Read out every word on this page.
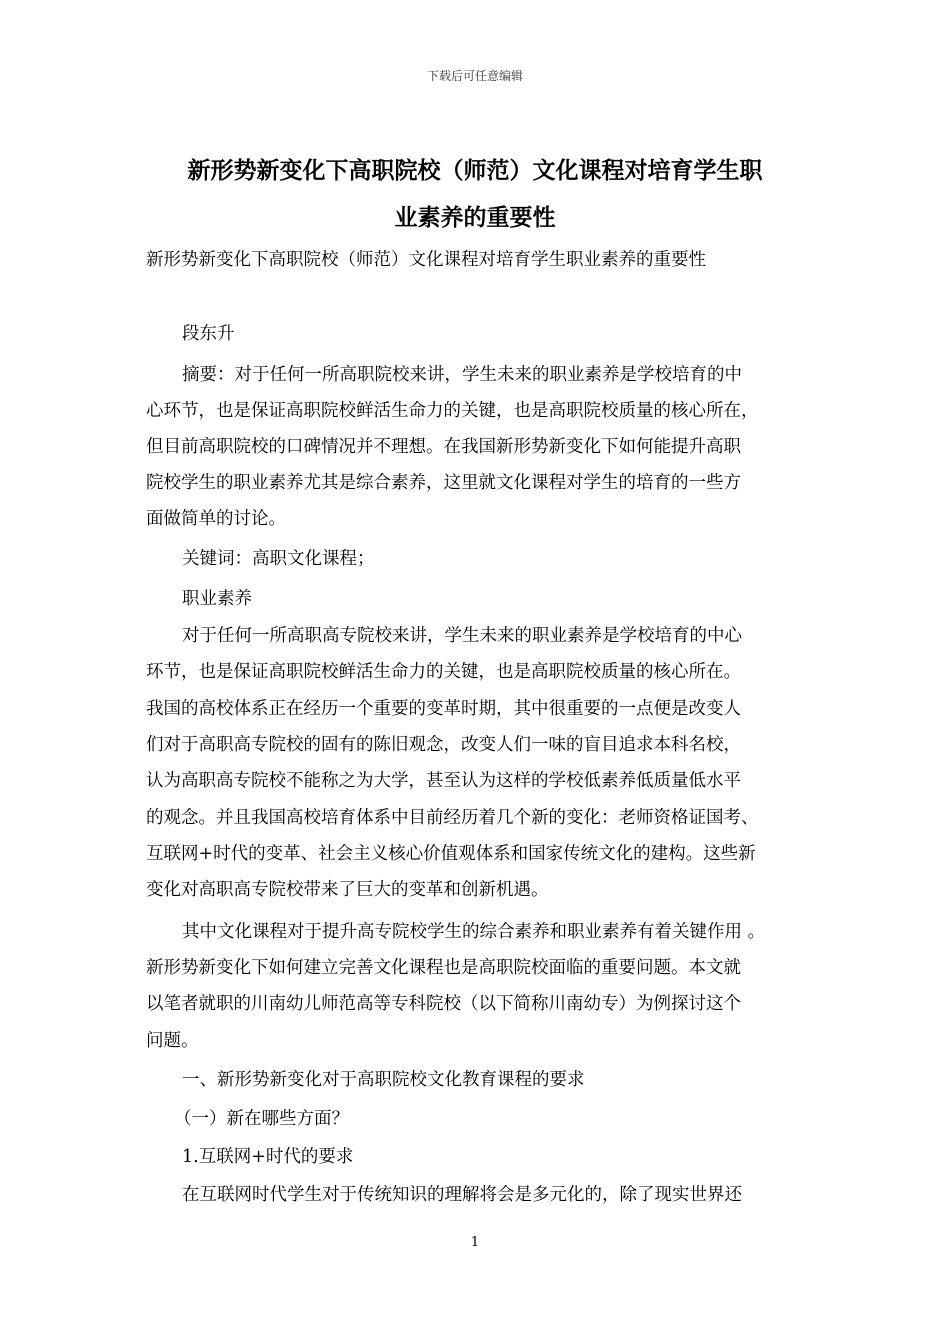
下载后可任意编辑
新形势新变化下高职院校（师范）文化课程对培育学生职
业素养的重要性
新形势新变化下高职院校（师范）文化课程对培育学生职业素养的重要性
段东升
摘要：对于任何一所高职院校来讲，学生未来的职业素养是学校培育的中
心环节，也是保证高职院校鲜活生命力的关键，也是高职院校质量的核心所在，
但目前高职院校的口碑情况并不理想。在我国新形势新变化下如何能提升高职
院校学生的职业素养尤其是综合素养，这里就文化课程对学生的培育的一些方
面做简单的讨论。
关键词：高职文化课程；
职业素养
对于任何一所高职高专院校来讲，学生未来的职业素养是学校培育的中心
环节，也是保证高职院校鲜活生命力的关键，也是高职院校质量的核心所在。
我国的高校体系正在经历一个重要的变革时期，其中很重要的一点便是改变人
们对于高职高专院校的固有的陈旧观念，改变人们一味的盲目追求本科名校，
认为高职高专院校不能称之为大学，甚至认为这样的学校低素养低质量低水平
的观念。并且我国高校培育体系中目前经历着几个新的变化：老师资格证国考、
互联网+时代的变革、社会主义核心价值观体系和国家传统文化的建构。这些新
变化对高职高专院校带来了巨大的变革和创新机遇。
其中文化课程对于提升高专院校学生的综合素养和职业素养有着关键作用 。
新形势新变化下如何建立完善文化课程也是高职院校面临的重要问题。本文就
以笔者就职的川南幼儿师范高等专科院校（以下简称川南幼专）为例探讨这个
问题。
一、新形势新变化对于高职院校文化教育课程的要求
（一）新在哪些方面？
1.互联网+时代的要求
在互联网时代学生对于传统知识的理解将会是多元化的，除了现实世界还
1
